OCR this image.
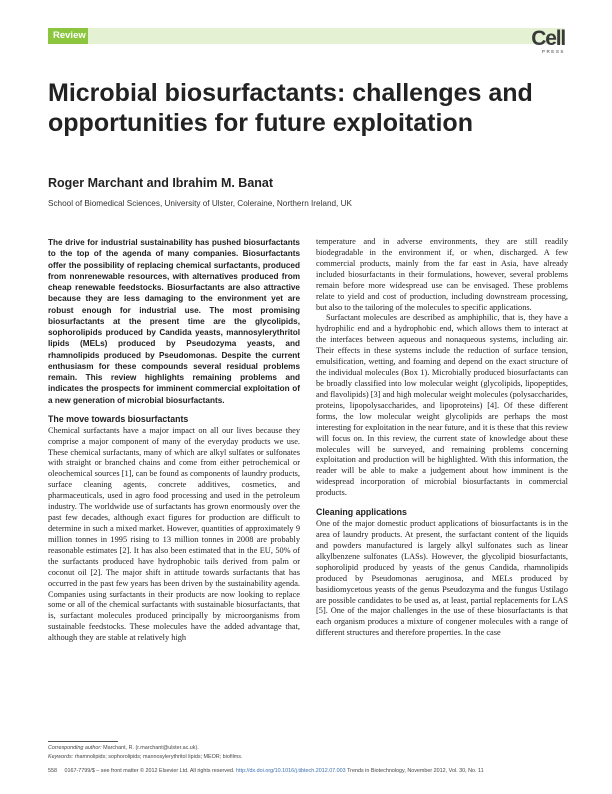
Review	Cell
PRESS
Microbial biosurfactants: challenges and opportunities for future exploitation
Roger Marchant and Ibrahim M. Banat
School of Biomedical Sciences, University of Ulster, Coleraine, Northern Ireland, UK

The drive for industrial sustainability has pushed biosurfactants to the top of the agenda of many companies. Biosurfactants offer the possibility of replacing chemical surfactants, produced from nonrenewable resources, with alternatives produced from cheap renewable feedstocks. Biosurfactants are also attractive because they are less damaging to the environment yet are robust enough for industrial use. The most promising biosurfactants at the present time are the glycolipids, sophorolipids produced by Candida yeasts, mannosylerythritol lipids (MELs) produced by Pseudozyma yeasts, and rhamnolipids produced by Pseudomonas. Despite the current enthusiasm for these compounds several residual problems remain. This review highlights remaining problems and indicates the prospects for imminent commercial exploitation of a new generation of microbial biosurfactants.

The move towards biosurfactants

Chemical surfactants have a major impact on all our lives because they comprise a major component of many of the everyday products we use. These chemical surfactants, many of which are alkyl sulfates or sulfonates with straight or branched chains and come from either petrochemical or oleochemical sources [1], can be found as components of laundry products, surface cleaning agents, concrete additives, cosmetics, and pharmaceuticals, used in agro food processing and used in the petroleum industry. The worldwide use of surfactants has grown enormously over the past few decades, although exact figures for production are difficult to determine in such a mixed market. However, quantities of approximately 9 million tonnes in 1995 rising to 13 million tonnes in 2008 are probably reasonable estimates [2]. It has also been estimated that in the EU, 50% of the surfactants produced have hydrophobic tails derived from palm or coconut oil [2]. The major shift in attitude towards surfactants that has occurred in the past few years has been driven by the sustainability agenda. Companies using surfactants in their products are now looking to replace some or all of the chemical surfactants with sustainable biosurfactants, that is, surfactant molecules produced principally by microorganisms from sustainable feedstocks. These molecules have the added advantage that, although they are stable at relatively high

temperature and in adverse environments, they are still readily biodegradable in the environment if, or when, discharged. A few commercial products, mainly from the far east in Asia, have already included biosurfactants in their formulations, however, several problems remain before more widespread use can be envisaged. These problems relate to yield and cost of production, including downstream processing, but also to the tailoring of the molecules to specific applications.

Surfactant molecules are described as amphiphilic, that is, they have a hydrophilic end and a hydrophobic end, which allows them to interact at the interfaces between aqueous and nonaqueous systems, including air. Their effects in these systems include the reduction of surface tension, emulsification, wetting, and foaming and depend on the exact structure of the individual molecules (Box 1). Microbially produced biosurfactants can be broadly classified into low molecular weight (glycolipids, lipopeptides, and flavolipids) [3] and high molecular weight molecules (polysaccharides, proteins, lipopolysaccharides, and lipoproteins) [4]. Of these different forms, the low molecular weight glycolipids are perhaps the most interesting for exploitation in the near future, and it is these that this review will focus on. In this review, the current state of knowledge about these molecules will be surveyed, and remaining problems concerning exploitation and production will be highlighted. With this information, the reader will be able to make a judgement about how imminent is the widespread incorporation of microbial biosurfactants in commercial products.

Cleaning applications

One of the major domestic product applications of biosurfactants is in the area of laundry products. At present, the surfactant content of the liquids and powders manufactured is largely alkyl sulfonates such as linear alkylbenzene sulfonates (LASs). However, the glycolipid biosurfactants, sophorolipid produced by yeasts of the genus Candida, rhamnolipids produced by Pseudomonas aeruginosa, and MELs produced by basidiomycetous yeasts of the genus Pseudozyma and the fungus Ustilago are possible candidates to be used as, at least, partial replacements for LAS [5]. One of the major challenges in the use of these biosurfactants is that each organism produces a mixture of congener molecules with a range of different structures and therefore properties. In the case

Corresponding author: Marchant, R. (r.marchant@ulster.ac.uk).
Keywords: rhamnolipids; sophorolipids; mannosylerythritol lipids; MEOR; biofilms.
558 0167-7799/$ – see front matter © 2012 Elsevier Ltd. All rights reserved. http://dx.doi.org/10.1016/j.tibtech.2012.07.003 Trends in Biotechnology, November 2012, Vol. 30, No. 11
